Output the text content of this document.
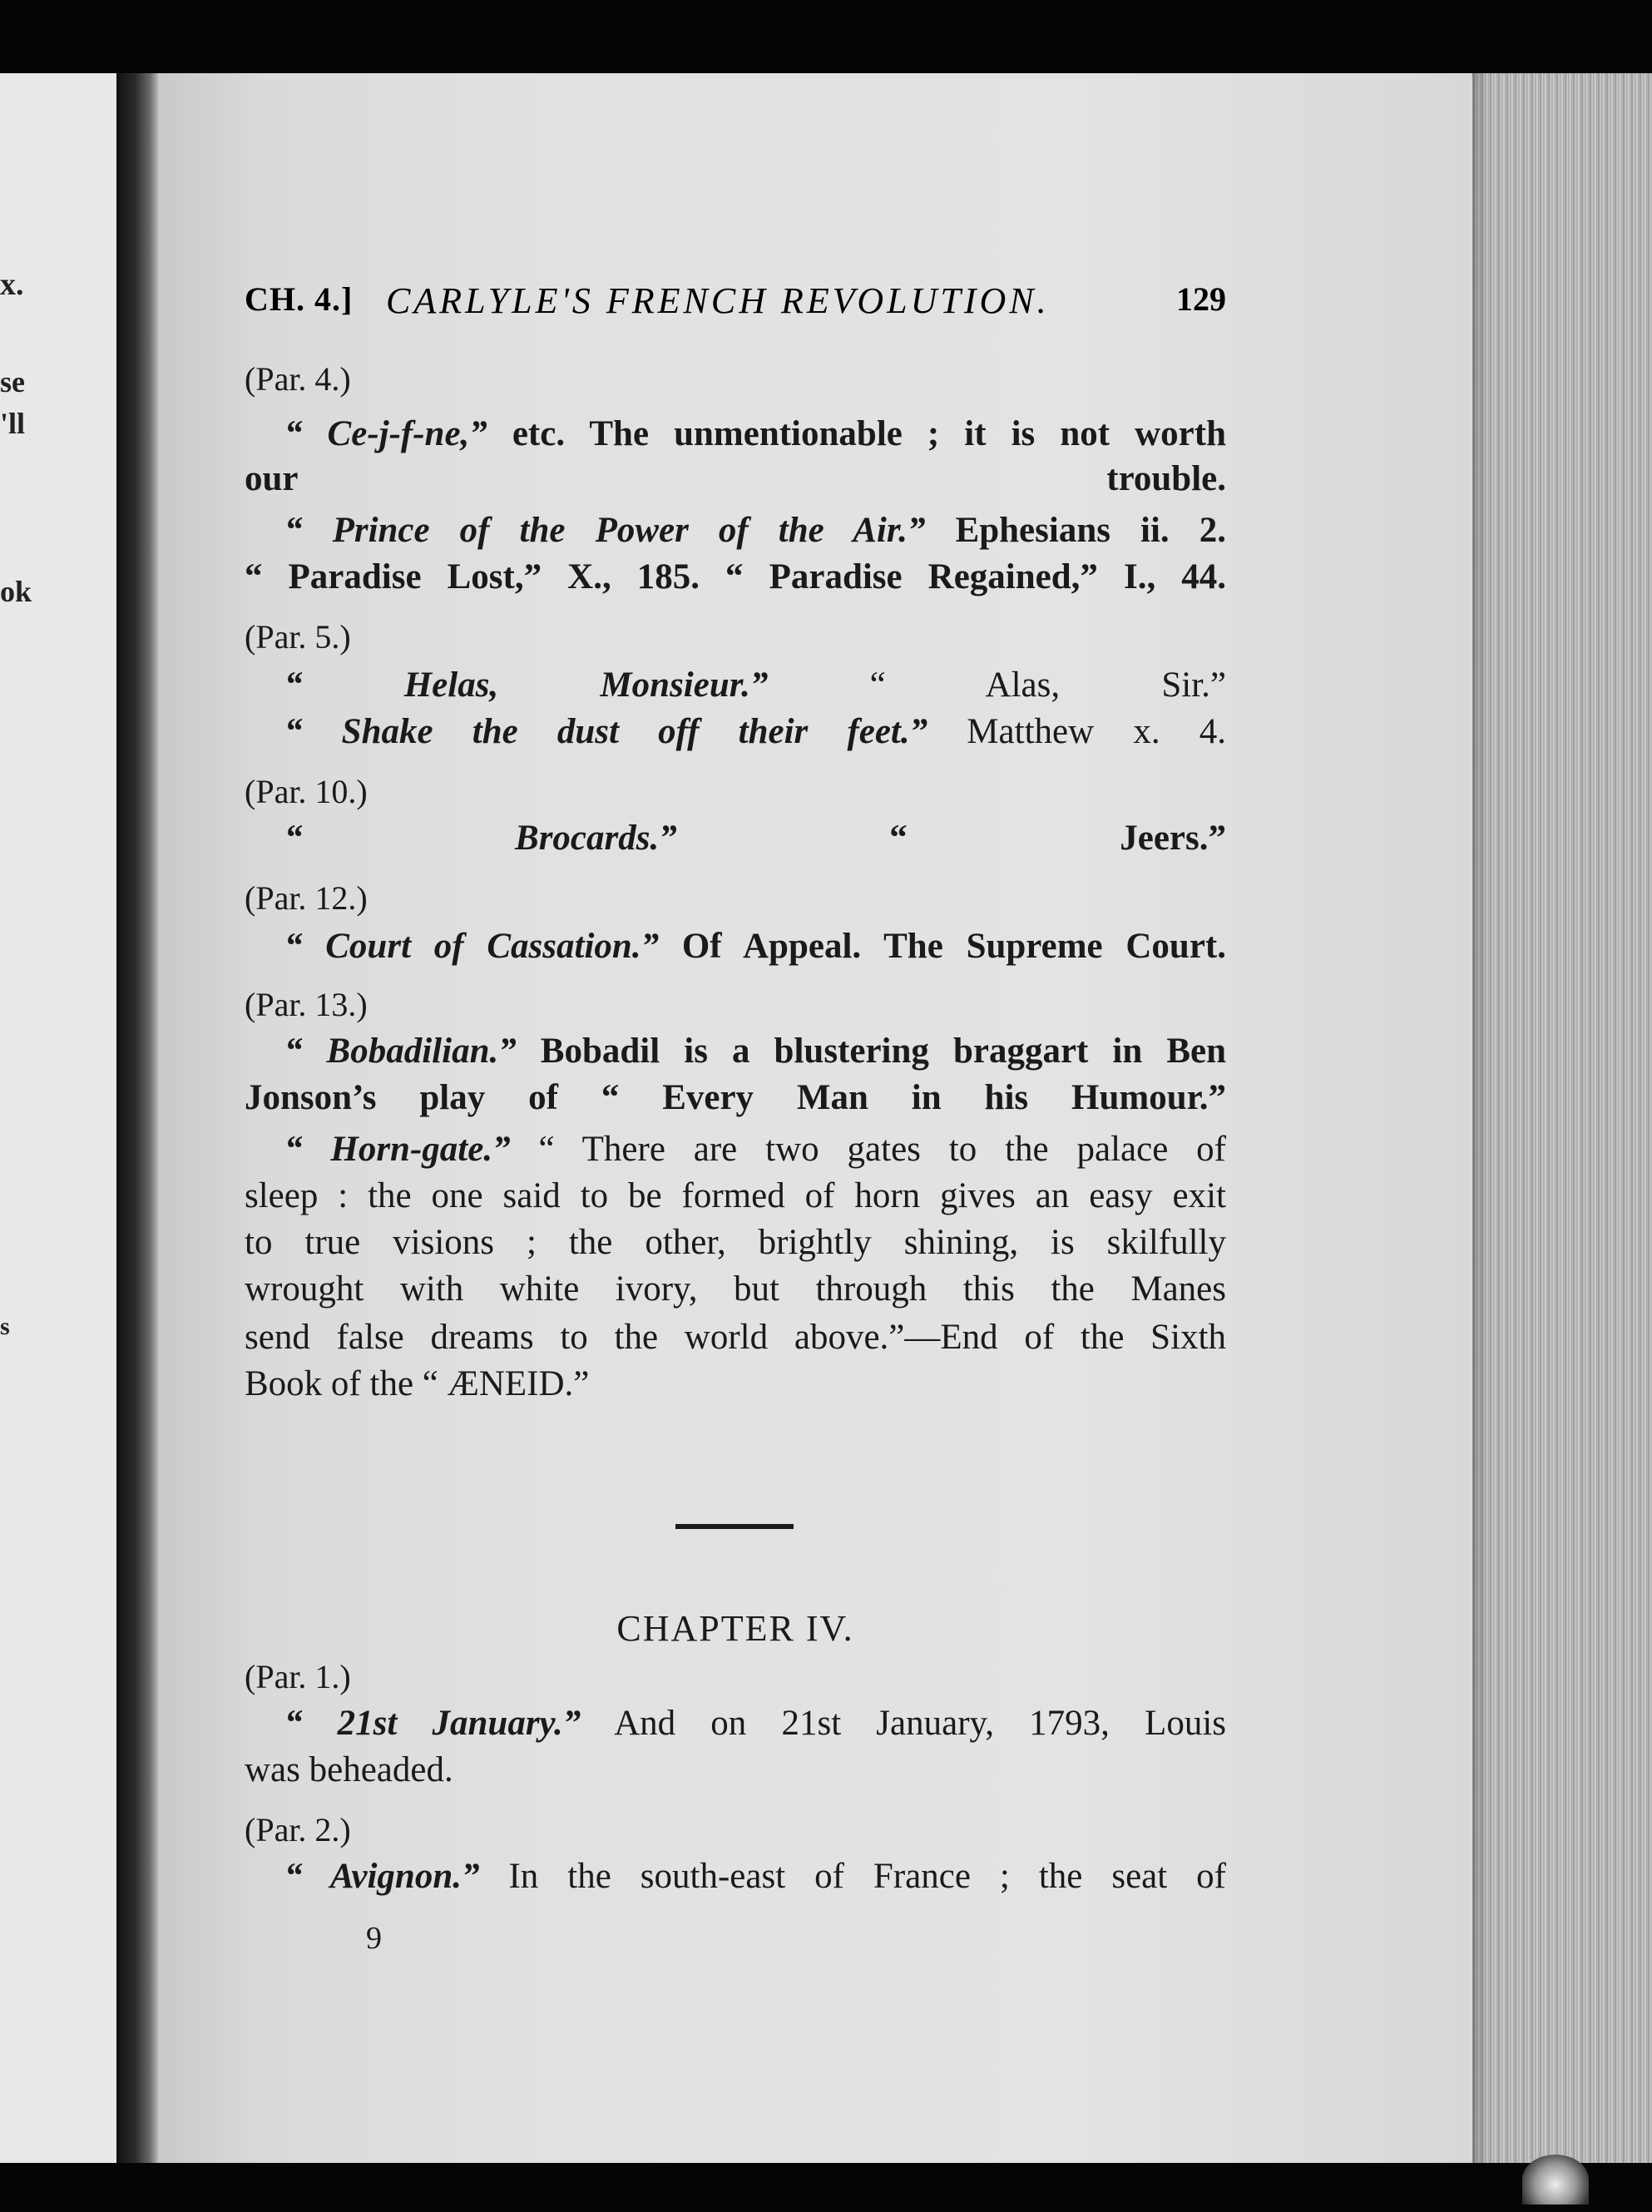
x.
se
'll
ok
s
CH. 4.] CARLYLE'S FRENCH REVOLUTION.	129
(Par. 4.)
“ Ce-j-f-ne,” etc. The unmentionable ; it is not worth
our trouble.
“ Prince of the Power of the Air.” Ephesians ii. 2.
“ Paradise Lost,” X., 185. “ Paradise Regained,” I., 44.
(Par. 5.)
“ Helas, Monsieur.” “ Alas, Sir.”
“ Shake the dust off their feet.” Matthew x. 4.
(Par. 10.)
“ Brocards.” “ Jeers.”
(Par. 12.)
“ Court of Cassation.” Of Appeal. The Supreme Court.
(Par. 13.)
“ Bobadilian.” Bobadil is a blustering braggart in Ben
Jonson’s play of “ Every Man in his Humour.”
“ Horn-gate.” “ There are two gates to the palace of
sleep : the one said to be formed of horn gives an easy exit
to true visions ; the other, brightly shining, is skilfully
wrought with white ivory, but through this the Manes
send false dreams to the world above.”—End of the Sixth
Book of the “ ÆNEID.”
CHAPTER IV.
(Par. 1.)
“ 21st January.” And on 21st January, 1793, Louis
was beheaded.
(Par. 2.)
“ Avignon.” In the south-east of France ; the seat of
9
